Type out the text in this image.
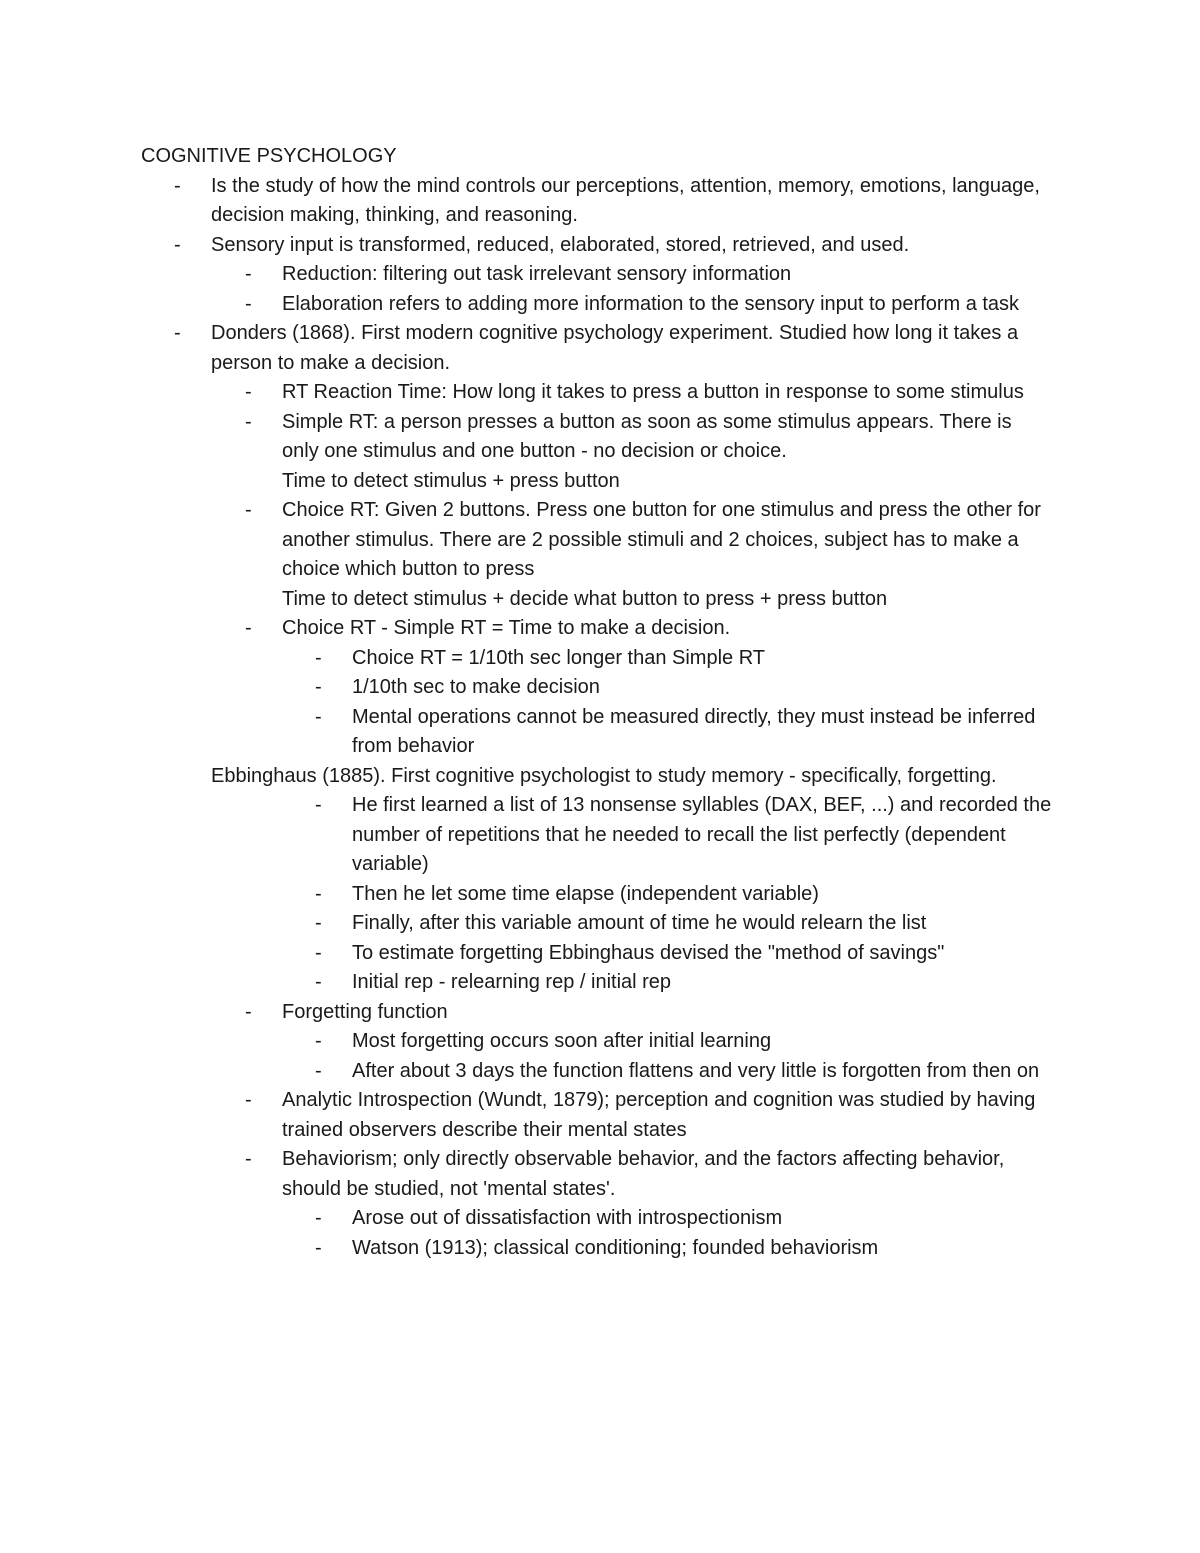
COGNITIVE PSYCHOLOGY
-	Is the study of how the mind controls our perceptions, attention, memory, emotions, language, decision making, thinking, and reasoning.
-	Sensory input is transformed, reduced, elaborated, stored, retrieved, and used.
-	Reduction: filtering out task irrelevant sensory information
-	Elaboration refers to adding more information to the sensory input to perform a task
-	Donders (1868). First modern cognitive psychology experiment. Studied how long it takes a person to make a decision.
-	RT Reaction Time: How long it takes to press a button in response to some stimulus
-	Simple RT: a person presses a button as soon as some stimulus appears. There is only one stimulus and one button - no decision or choice.
Time to detect stimulus + press button
-	Choice RT: Given 2 buttons. Press one button for one stimulus and press the other for another stimulus. There are 2 possible stimuli and 2 choices, subject has to make a choice which button to press
Time to detect stimulus + decide what button to press + press button
-	Choice RT - Simple RT = Time to make a decision.
-	Choice RT = 1/10th sec longer than Simple RT
-	1/10th sec to make decision
-	Mental operations cannot be measured directly, they must instead be inferred from behavior
Ebbinghaus (1885). First cognitive psychologist to study memory - specifically, forgetting.
-	He first learned a list of 13 nonsense syllables (DAX, BEF, ...) and recorded the number of repetitions that he needed to recall the list perfectly (dependent variable)
-	Then he let some time elapse (independent variable)
-	Finally, after this variable amount of time he would relearn the list
-	To estimate forgetting Ebbinghaus devised the "method of savings"
-	Initial rep - relearning rep / initial rep
-	Forgetting function
-	Most forgetting occurs soon after initial learning
-	After about 3 days the function flattens and very little is forgotten from then on
-	Analytic Introspection (Wundt, 1879); perception and cognition was studied by having trained observers describe their mental states
-	Behaviorism; only directly observable behavior, and the factors affecting behavior, should be studied, not 'mental states'.
-	Arose out of dissatisfaction with introspectionism
-	Watson (1913); classical conditioning; founded behaviorism
